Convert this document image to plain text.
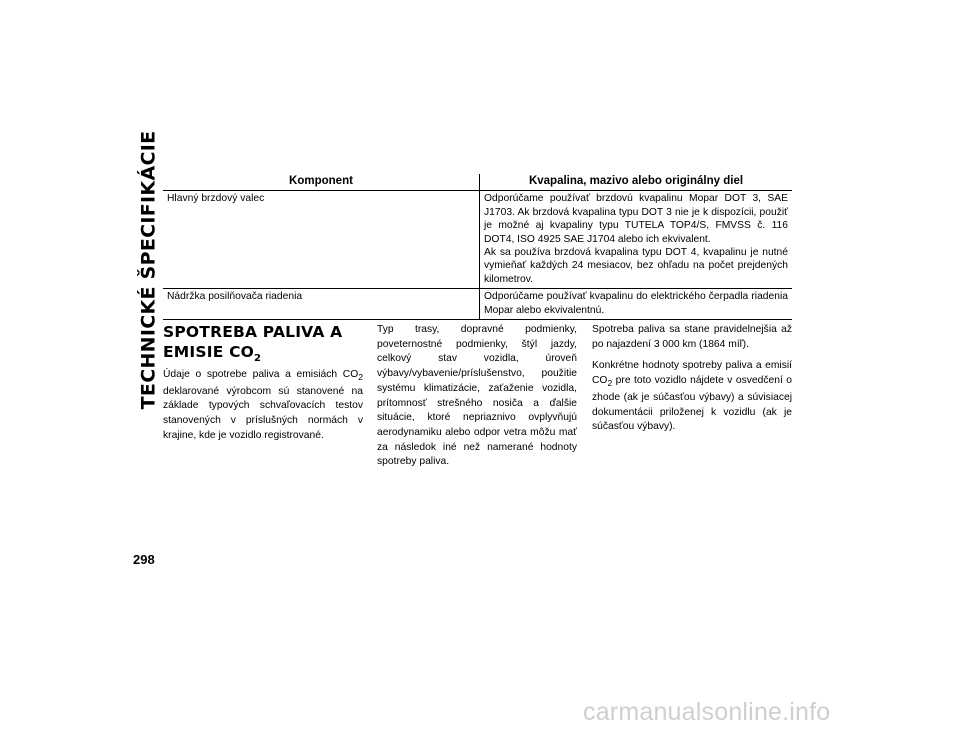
TECHNICKÉ ŠPECIFIKÁCIE
298
Komponent	Kvapalina, mazivo alebo originálny diel
Hlavný brzdový valec	Odporúčame používať brzdovú kvapalinu Mopar DOT 3, SAE J1703. Ak brzdová kvapalina typu DOT 3 nie je k dispozícii, použiť je možné aj kvapaliny typu TUTELA TOP4/S, FMVSS č. 116 DOT4, ISO 4925 SAE J1704 alebo ich ekvivalent.

Ak sa používa brzdová kvapalina typu DOT 4, kvapalinu je nutné vymieňať každých 24 mesiacov, bez ohľadu na počet prejdených kilometrov.

Nádržka posilňovača riadenia	Odporúčame používať kvapalinu do elektrického čerpadla riadenia Mopar alebo ekvivalentnú.

SPOTREBA PALIVA A EMISIE $CO_2$

Údaje o spotrebe paliva a emisiách $CO_2$ deklarované výrobcom sú stanovené na základe typových schvaľovacích testov stanovených v príslušných normách v krajine, kde je vozidlo registrované.

Typ trasy, dopravné podmienky, poveternostné podmienky, štýl jazdy, celkový stav vozidla, úroveň výbavy/vybavenie/príslušenstvo, použitie systému klimatizácie, zaťaženie vozidla, prítomnosť strešného nosiča a ďalšie situácie, ktoré nepriaznivo ovplyvňujú aerodynamiku alebo odpor vetra môžu mať za následok iné než namerané hodnoty spotreby paliva.

Spotreba paliva sa stane pravidelnejšia až po najazdení 3 000 km (1864 míľ).

Konkrétne hodnoty spotreby paliva a emisií $CO_2$ pre toto vozidlo nájdete v osvedčení o zhode (ak je súčasťou výbavy) a súvisiacej dokumentácii priloženej k vozidlu (ak je súčasťou výbavy).

carmanualsonline.info
